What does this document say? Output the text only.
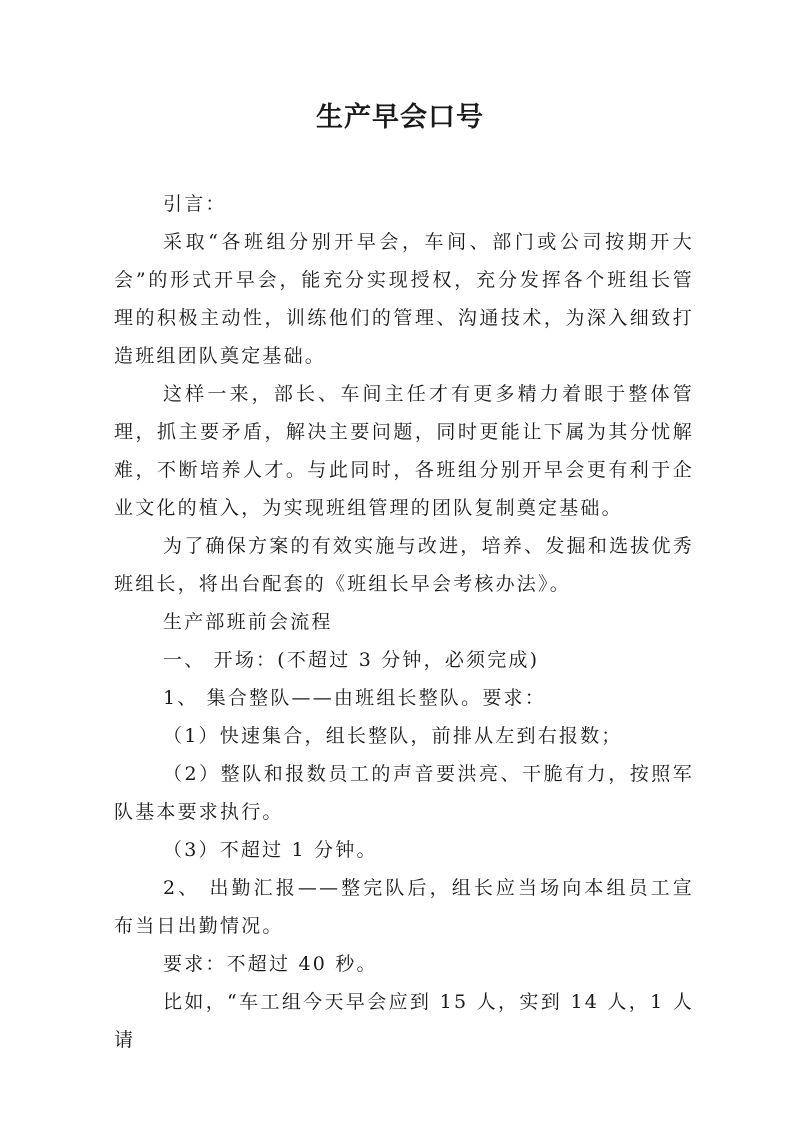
生产早会口号

引言：

采取“各班组分别开早会，车间、部门或公司按期开大会”的形式开早会，能充分实现授权，充分发挥各个班组长管理的积极主动性，训练他们的管理、沟通技术，为深入细致打造班组团队奠定基础。

这样一来，部长、车间主任才有更多精力着眼于整体管理，抓主要矛盾，解决主要问题，同时更能让下属为其分忧解难，不断培养人才。与此同时，各班组分别开早会更有利于企业文化的植入，为实现班组管理的团队复制奠定基础。

为了确保方案的有效实施与改进，培养、发掘和选拔优秀班组长，将出台配套的《班组长早会考核办法》。

生产部班前会流程

一、 开场：(不超过 3 分钟，必须完成)

1、 集合整队——由班组长整队。要求：

（1）快速集合，组长整队，前排从左到右报数；

（2）整队和报数员工的声音要洪亮、干脆有力，按照军队基本要求执行。

（3）不超过 1 分钟。

2、 出勤汇报——整完队后，组长应当场向本组员工宣布当日出勤情况。

要求：不超过 40 秒。

比如，“车工组今天早会应到 15 人，实到 14 人，1 人请
